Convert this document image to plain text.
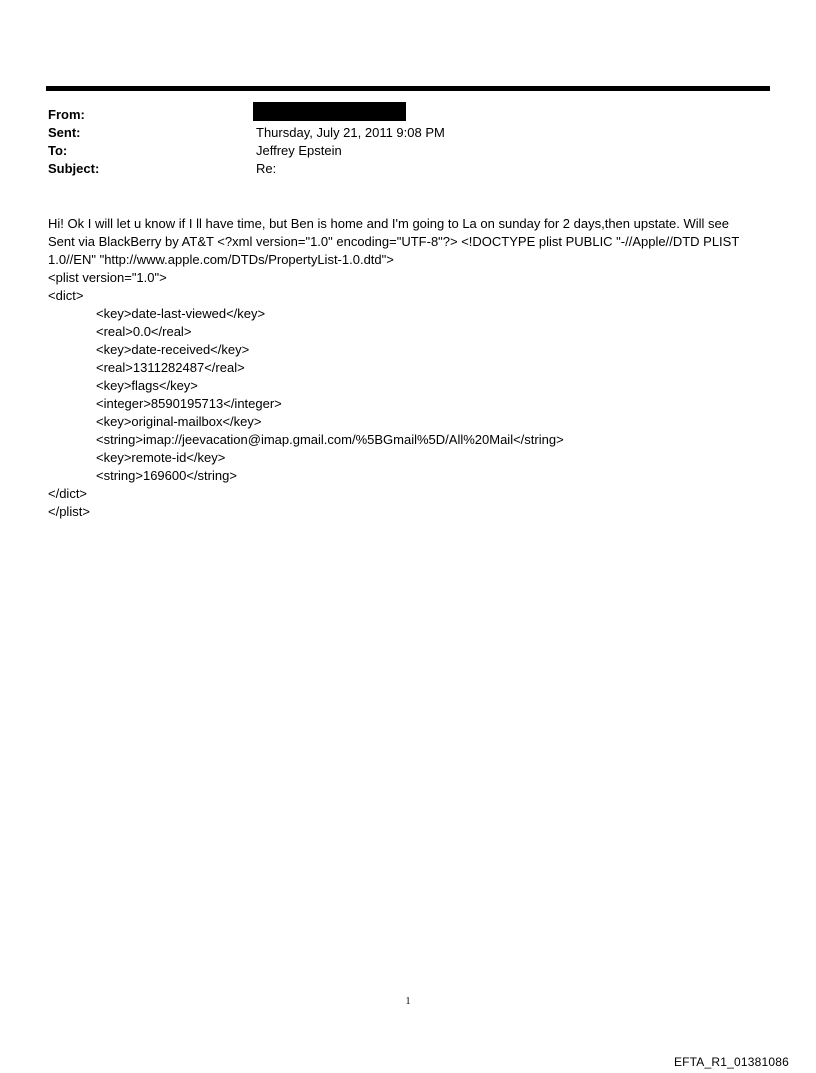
From:
Sent:	Thursday, July 21, 2011 9:08 PM
To:	Jeffrey Epstein
Subject:	Re:
Hi! Ok I will let u know if I ll have time, but Ben is home and I'm going to La on sunday for 2 days,then upstate. Will see
Sent via BlackBerry by AT&T <?xml version="1.0" encoding="UTF-8"?> <!DOCTYPE plist PUBLIC "-//Apple//DTD PLIST
1.0//EN" "http://www.apple.com/DTDs/PropertyList-1.0.dtd">
<plist version="1.0">
<dict>
<key>date-last-viewed</key>
<real>0.0</real>
<key>date-received</key>
<real>1311282487</real>
<key>flags</key>
<integer>8590195713</integer>
<key>original-mailbox</key>
<string>imap://jeevacation@imap.gmail.com/%5BGmail%5D/All%20Mail</string>
<key>remote-id</key>
<string>169600</string>
</dict>
</plist>
1
EFTA_R1_01381086
